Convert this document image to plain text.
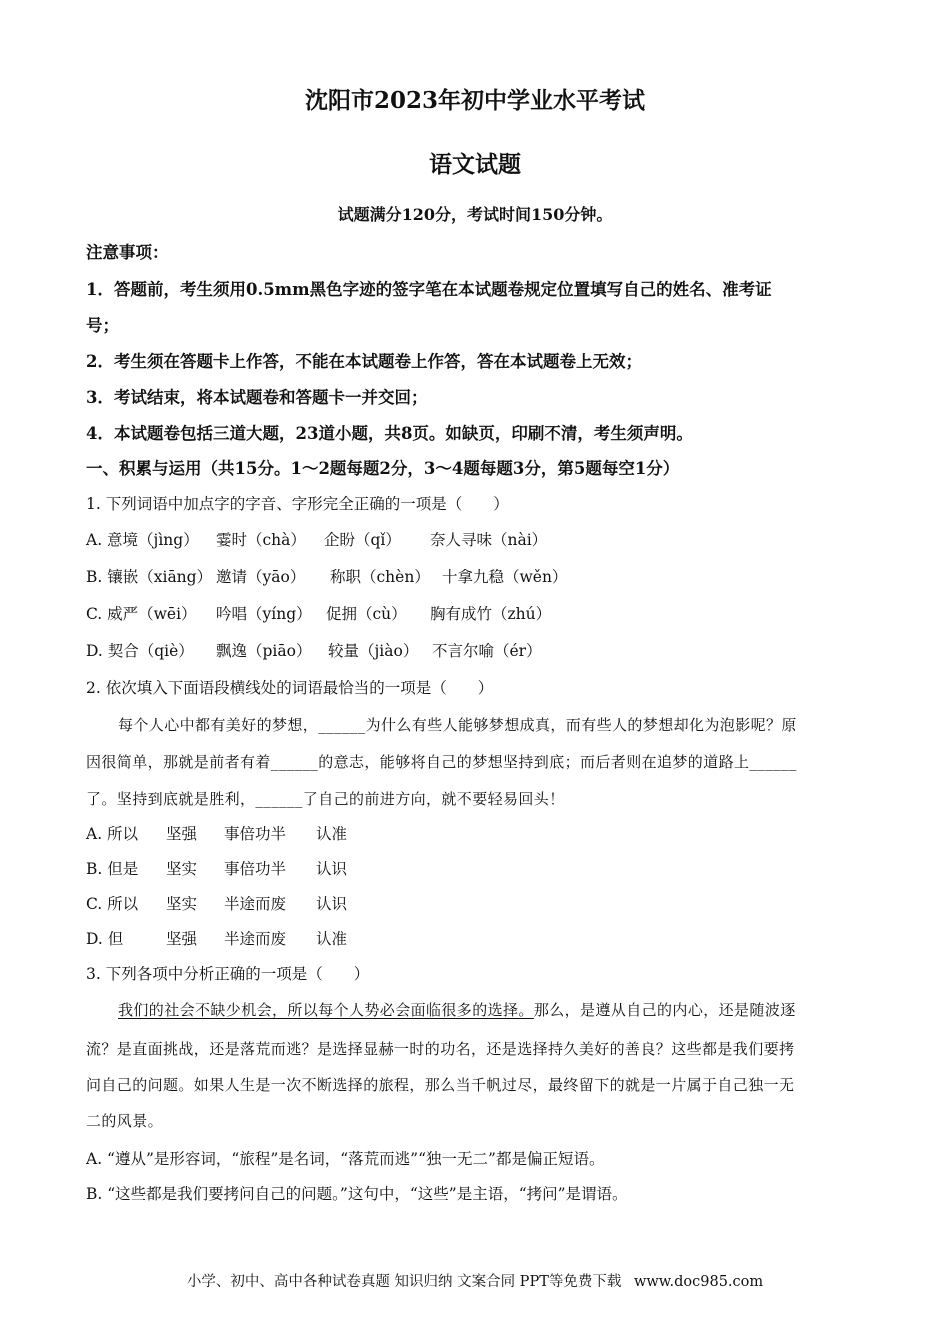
沈阳市2023年初中学业水平考试
语文试题
试题满分120分，考试时间150分钟。
注意事项：
1．答题前，考生须用0.5mm黑色字迹的签字笔在本试题卷规定位置填写自己的姓名、准考证
号；
2．考生须在答题卡上作答，不能在本试题卷上作答，答在本试题卷上无效；
3．考试结束，将本试题卷和答题卡一并交回；
4．本试题卷包括三道大题，23道小题，共8页。如缺页，印刷不清，考生须声明。
一、积累与运用（共15分。1～2题每题2分，3～4题每题3分，第5题每空1分）
1. 下列词语中加点字的字音、字形完全正确的一项是（　　）
A. 意境（jìng） 霎时（chà） 企盼（qǐ） 奈人寻味（nài）
B. 镶嵌（xiāng） 邀请（yāo） 称职（chèn） 十拿九稳（wěn）
C. 威严（wēi） 吟唱（yíng） 促拥（cù） 胸有成竹（zhú）
D. 契合（qiè） 飘逸（piāo） 较量（jiào） 不言尔喻（ér）
2. 依次填入下面语段横线处的词语最恰当的一项是（　　）
每个人心中都有美好的梦想，______为什么有些人能够梦想成真，而有些人的梦想却化为泡影呢？原
因很简单，那就是前者有着______的意志，能够将自己的梦想坚持到底；而后者则在追梦的道路上______
了。坚持到底就是胜利，______了自己的前进方向，就不要轻易回头！
A. 所以 坚强 事倍功半 认准
B. 但是 坚实 事倍功半 认识
C. 所以 坚实 半途而废 认识
D. 但	坚强 半途而废 认准
3. 下列各项中分析正确的一项是（　　）
我们的社会不缺少机会，所以每个人势必会面临很多的选择。那么，是遵从自己的内心，还是随波逐
流？是直面挑战，还是落荒而逃？是选择显赫一时的功名，还是选择持久美好的善良？这些都是我们要拷
问自己的问题。如果人生是一次不断选择的旅程，那么当千帆过尽，最终留下的就是一片属于自己独一无
二的风景。
A. “遵从”是形容词，“旅程”是名词，“落荒而逃”“独一无二”都是偏正短语。
B. “这些都是我们要拷问自己的问题。”这句中，“这些”是主语，“拷问”是谓语。
小学、初中、高中各种试卷真题 知识归纳 文案合同 PPT等免费下载 www.doc985.com
